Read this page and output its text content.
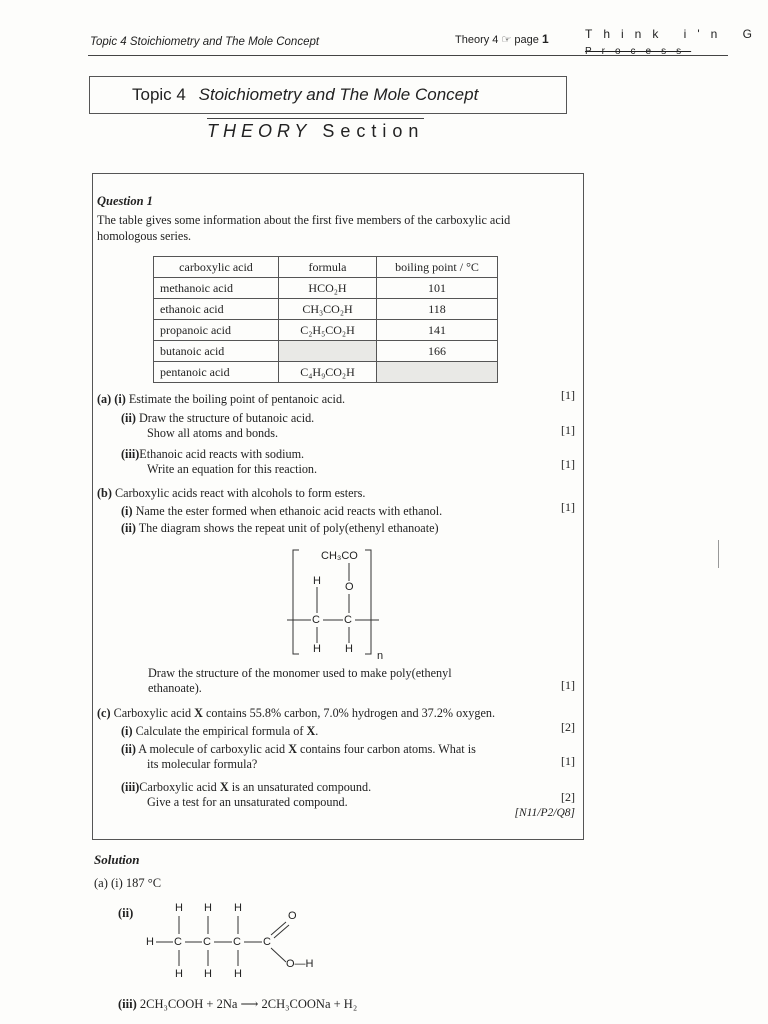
Topic 4 Stoichiometry and The Mole Concept	Theory 4 ☞ page 1	Think i'n G
Process
Topic 4 Stoichiometry and The Mole Concept
THEORY Section
Question 1
The table gives some information about the first five members of the carboxylic acid homologous series.
carboxylic acid	formula	boiling point / °C
methanoic acid	HCO₂H	101
ethanoic acid	CH₃CO₂H	118
propanoic acid	C₂H₅CO₂H	141
butanoic acid		166
pentanoic acid	C₄H₉CO₂H	
(a) (i) Estimate the boiling point of pentanoic acid.	[1]
(ii) Draw the structure of butanoic acid.
Show all atoms and bonds.	[1]
(iii)Ethanoic acid reacts with sodium.
Write an equation for this reaction.	[1]
(b) Carboxylic acids react with alcohols to form esters.
(i) Name the ester formed when ethanoic acid reacts with ethanol.	[1]
(ii) The diagram shows the repeat unit of poly(ethenyl ethanoate)
CH₃CO
O
H
C C
H H
n
Draw the structure of the monomer used to make poly(ethenyl
ethanoate).	[1]
(c) Carboxylic acid X contains 55.8% carbon, 7.0% hydrogen and 37.2% oxygen.
(i) Calculate the empirical formula of X.	[2]
(ii) A molecule of carboxylic acid X contains four carbon atoms. What is
its molecular formula?	[1]
(iii)Carboxylic acid X is an unsaturated compound.
Give a test for an unsaturated compound.	[2]
[N11/P2/Q8]
Solution
(a) (i) 187 °C
(ii)	H H H
H C C C C
O
O—H
H H H
(iii) 2CH₃COOH + 2Na ⟶ 2CH₃COONa + H₂
